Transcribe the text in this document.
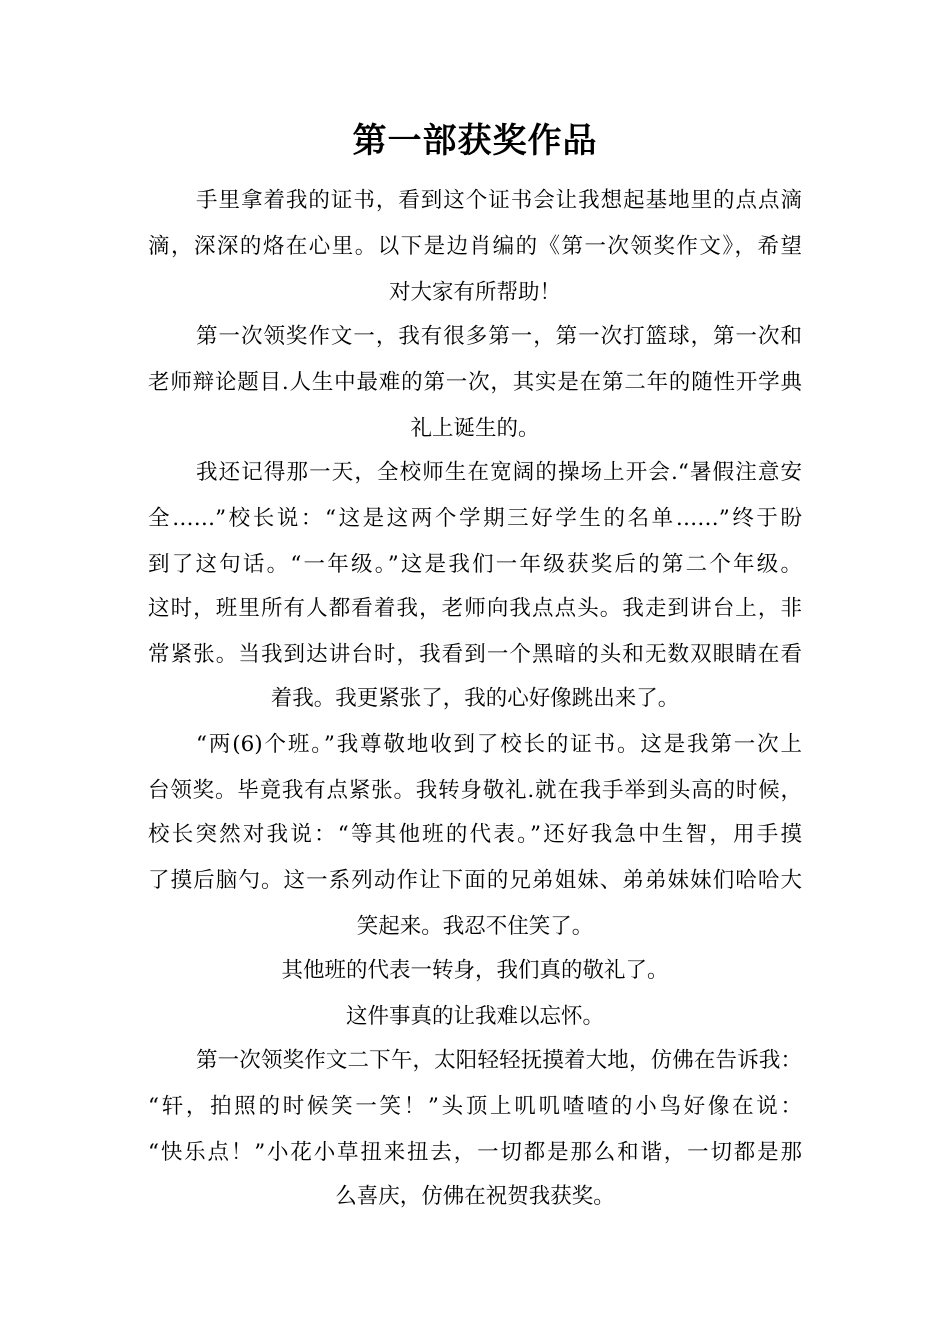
第一部获奖作品
手里拿着我的证书，看到这个证书会让我想起基地里的点点滴
滴，深深的烙在心里。以下是边肖编的《第一次领奖作文》，希望
对大家有所帮助！
第一次领奖作文一，我有很多第一，第一次打篮球，第一次和
老师辩论题目.人生中最难的第一次，其实是在第二年的随性开学典
礼上诞生的。
我还记得那一天，全校师生在宽阔的操场上开会.“暑假注意安
全……”校长说：“这是这两个学期三好学生的名单……”终于盼
到了这句话。“一年级。”这是我们一年级获奖后的第二个年级。
这时，班里所有人都看着我，老师向我点点头。我走到讲台上，非
常紧张。当我到达讲台时，我看到一个黑暗的头和无数双眼睛在看
着我。我更紧张了，我的心好像跳出来了。
“两(6)个班。”我尊敬地收到了校长的证书。这是我第一次上
台领奖。毕竟我有点紧张。我转身敬礼.就在我手举到头高的时候，
校长突然对我说：“等其他班的代表。”还好我急中生智，用手摸
了摸后脑勺。这一系列动作让下面的兄弟姐妹、弟弟妹妹们哈哈大
笑起来。我忍不住笑了。
其他班的代表一转身，我们真的敬礼了。
这件事真的让我难以忘怀。
第一次领奖作文二下午，太阳轻轻抚摸着大地，仿佛在告诉我：
“轩，拍照的时候笑一笑！”头顶上叽叽喳喳的小鸟好像在说：
“快乐点！”小花小草扭来扭去，一切都是那么和谐，一切都是那
么喜庆，仿佛在祝贺我获奖。
